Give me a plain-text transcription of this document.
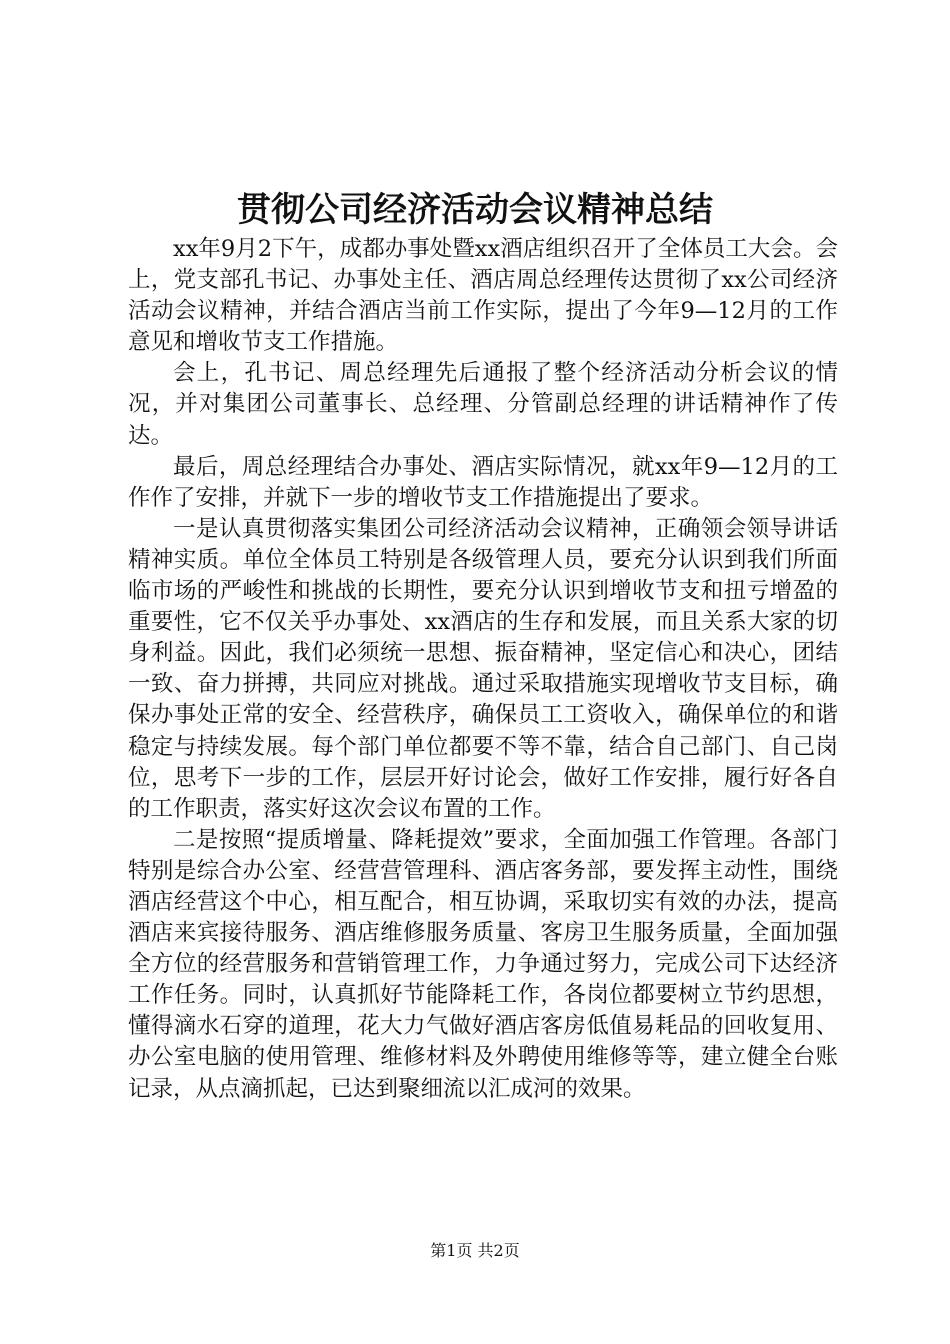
贯彻公司经济活动会议精神总结

xx年9月2下午，成都办事处暨xx酒店组织召开了全体员工大会。会上，党支部孔书记、办事处主任、酒店周总经理传达贯彻了xx公司经济活动会议精神，并结合酒店当前工作实际，提出了今年9—12月的工作意见和增收节支工作措施。

会上，孔书记、周总经理先后通报了整个经济活动分析会议的情况，并对集团公司董事长、总经理、分管副总经理的讲话精神作了传达。

最后，周总经理结合办事处、酒店实际情况，就xx年9—12月的工作作了安排，并就下一步的增收节支工作措施提出了要求。

一是认真贯彻落实集团公司经济活动会议精神，正确领会领导讲话精神实质。单位全体员工特别是各级管理人员，要充分认识到我们所面临市场的严峻性和挑战的长期性，要充分认识到增收节支和扭亏增盈的重要性，它不仅关乎办事处、xx酒店的生存和发展，而且关系大家的切身利益。因此，我们必须统一思想、振奋精神，坚定信心和决心，团结一致、奋力拼搏，共同应对挑战。通过采取措施实现增收节支目标，确保办事处正常的安全、经营秩序，确保员工工资收入，确保单位的和谐稳定与持续发展。每个部门单位都要不等不靠，结合自己部门、自己岗位，思考下一步的工作，层层开好讨论会，做好工作安排，履行好各自的工作职责，落实好这次会议布置的工作。

二是按照“提质增量、降耗提效”要求，全面加强工作管理。各部门特别是综合办公室、经营营管理科、酒店客务部，要发挥主动性，围绕酒店经营这个中心，相互配合，相互协调，采取切实有效的办法，提高酒店来宾接待服务、酒店维修服务质量、客房卫生服务质量，全面加强全方位的经营服务和营销管理工作，力争通过努力，完成公司下达经济工作任务。同时，认真抓好节能降耗工作，各岗位都要树立节约思想，懂得滴水石穿的道理，花大力气做好酒店客房低值易耗品的回收复用、办公室电脑的使用管理、维修材料及外聘使用维修等等，建立健全台账记录，从点滴抓起，已达到聚细流以汇成河的效果。

第1页 共2页
